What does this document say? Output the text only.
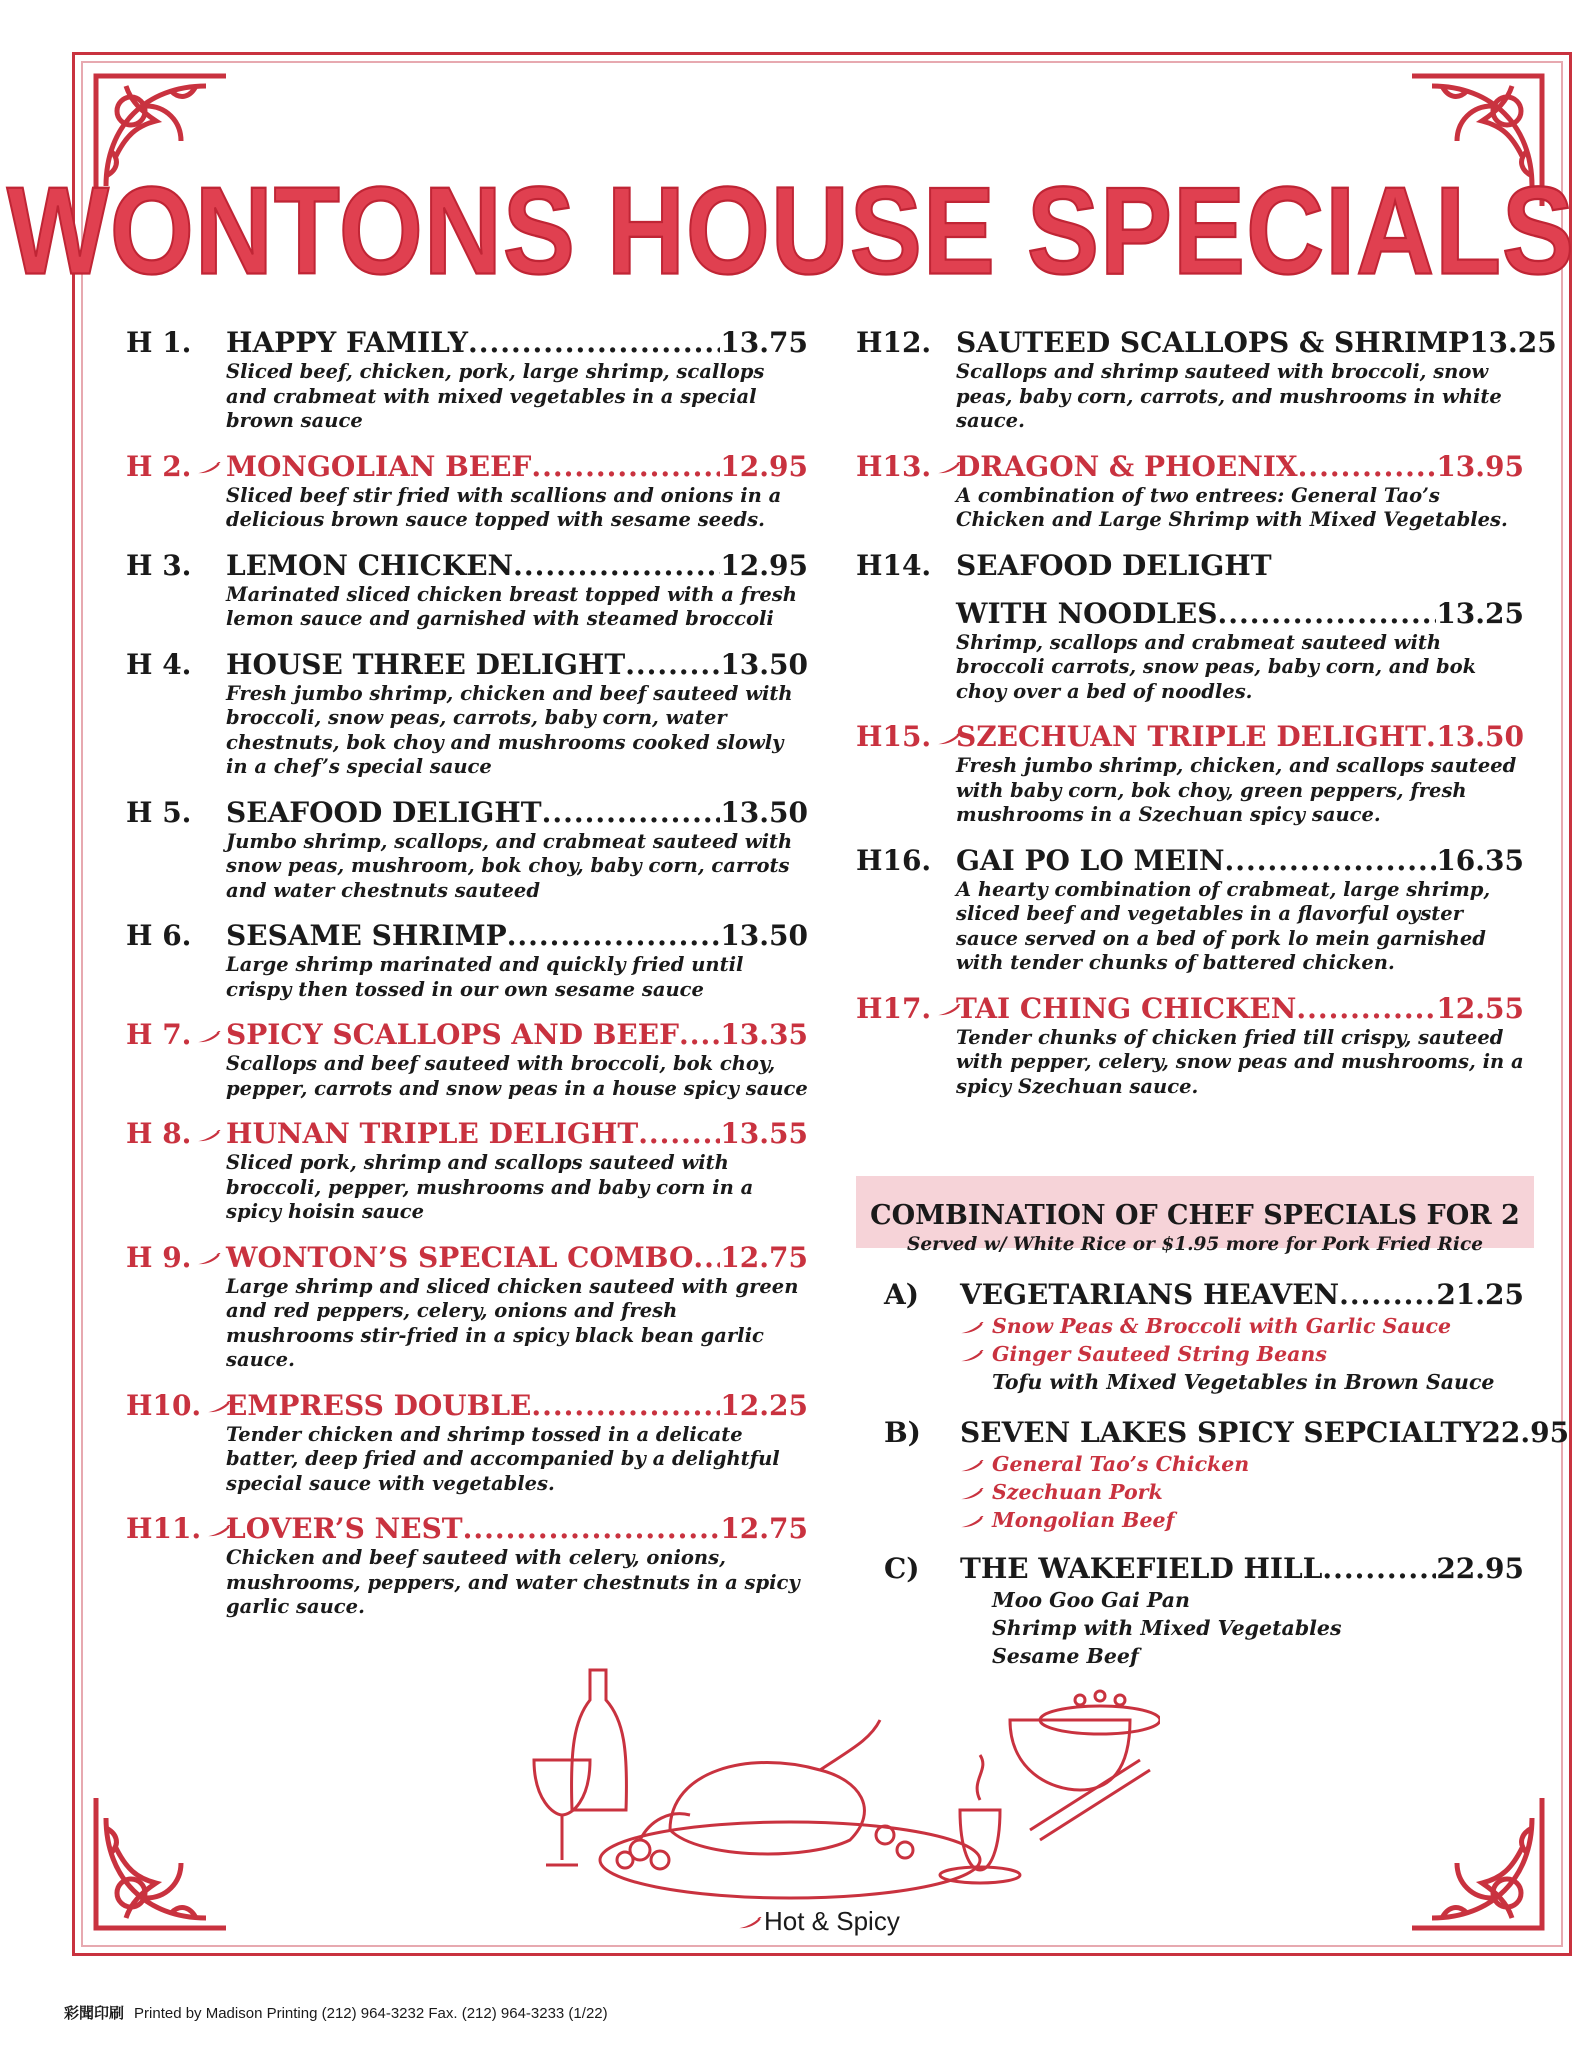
WONTONS HOUSE SPECIALS
H 1.	HAPPY FAMILY .....	13.75
Sliced beef, chicken, pork, large shrimp, scallops and crabmeat with mixed vegetables in a special brown sauce
H 2.	MONGOLIAN BEEF .....	12.95
Sliced beef stir fried with scallions and onions in a delicious brown sauce topped with sesame seeds.
H 3.	LEMON CHICKEN .....	12.95
Marinated sliced chicken breast topped with a fresh lemon sauce and garnished with steamed broccoli
H 4.	HOUSE THREE DELIGHT .....	13.50
Fresh jumbo shrimp, chicken and beef sauteed with broccoli, snow peas, carrots, baby corn, water chestnuts, bok choy and mushrooms cooked slowly in a chef’s special sauce
H 5.	SEAFOOD DELIGHT .....	13.50
Jumbo shrimp, scallops, and crabmeat sauteed with snow peas, mushroom, bok choy, baby corn, carrots and water chestnuts sauteed
H 6.	SESAME SHRIMP .....	13.50
Large shrimp marinated and quickly fried until crispy then tossed in our own sesame sauce
H 7.	SPICY SCALLOPS AND BEEF ..... 13.35
Scallops and beef sauteed with broccoli, bok choy, pepper, carrots and snow peas in a house spicy sauce
H 8.	HUNAN TRIPLE DELIGHT .....	13.55
Sliced pork, shrimp and scallops sauteed with broccoli, pepper, mushrooms and baby corn in a spicy hoisin sauce
H 9.	WONTON’S SPECIAL COMBO ..... 12.75
Large shrimp and sliced chicken sauteed with green and red peppers, celery, onions and fresh mushrooms stir-fried in a spicy black bean garlic sauce.
H10. EMPRESS DOUBLE .....	12.25
Tender chicken and shrimp tossed in a delicate batter, deep fried and accompanied by a delightful special sauce with vegetables.
H11. LOVER’S NEST .....	12.75
Chicken and beef sauteed with celery, onions, mushrooms, peppers, and water chestnuts in a spicy garlic sauce.
H12. SAUTEED SCALLOPS & SHRIMP 13.25
Scallops and shrimp sauteed with broccoli, snow peas, baby corn, carrots, and mushrooms in white sauce.
H13. DRAGON & PHOENIX .....	13.95
A combination of two entrees: General Tao’s Chicken and Large Shrimp with Mixed Vegetables.
H14. SEAFOOD DELIGHT
WITH NOODLES .....	13.25
Shrimp, scallops and crabmeat sauteed with broccoli carrots, snow peas, baby corn, and bok choy over a bed of noodles.
H15. SZECHUAN TRIPLE DELIGHT ..... 13.50
Fresh jumbo shrimp, chicken, and scallops sauteed with baby corn, bok choy, green peppers, fresh mushrooms in a Szechuan spicy sauce.
H16. GAI PO LO MEIN .....	16.35
A hearty combination of crabmeat, large shrimp, sliced beef and vegetables in a flavorful oyster sauce served on a bed of pork lo mein garnished with tender chunks of battered chicken.
H17. TAI CHING CHICKEN .....	12.55
Tender chunks of chicken fried till crispy, sauteed with pepper, celery, snow peas and mushrooms, in a spicy Szechuan sauce.
COMBINATION OF CHEF SPECIALS FOR 2
Served w/ White Rice or $1.95 more for Pork Fried Rice
A)	VEGETARIANS HEAVEN .....	21.25
Snow Peas & Broccoli with Garlic Sauce
Ginger Sauteed String Beans
Tofu with Mixed Vegetables in Brown Sauce
B)	SEVEN LAKES SPICY SEPCIALTY 22.95
General Tao’s Chicken
Szechuan Pork
Mongolian Beef
C)	THE WAKEFIELD HILL .....	22.95
Moo Goo Gai Pan
Shrimp with Mixed Vegetables
Sesame Beef
Hot & Spicy
彩聞印刷 Printed by Madison Printing (212) 964-3232 Fax. (212) 964-3233 (1/22)
